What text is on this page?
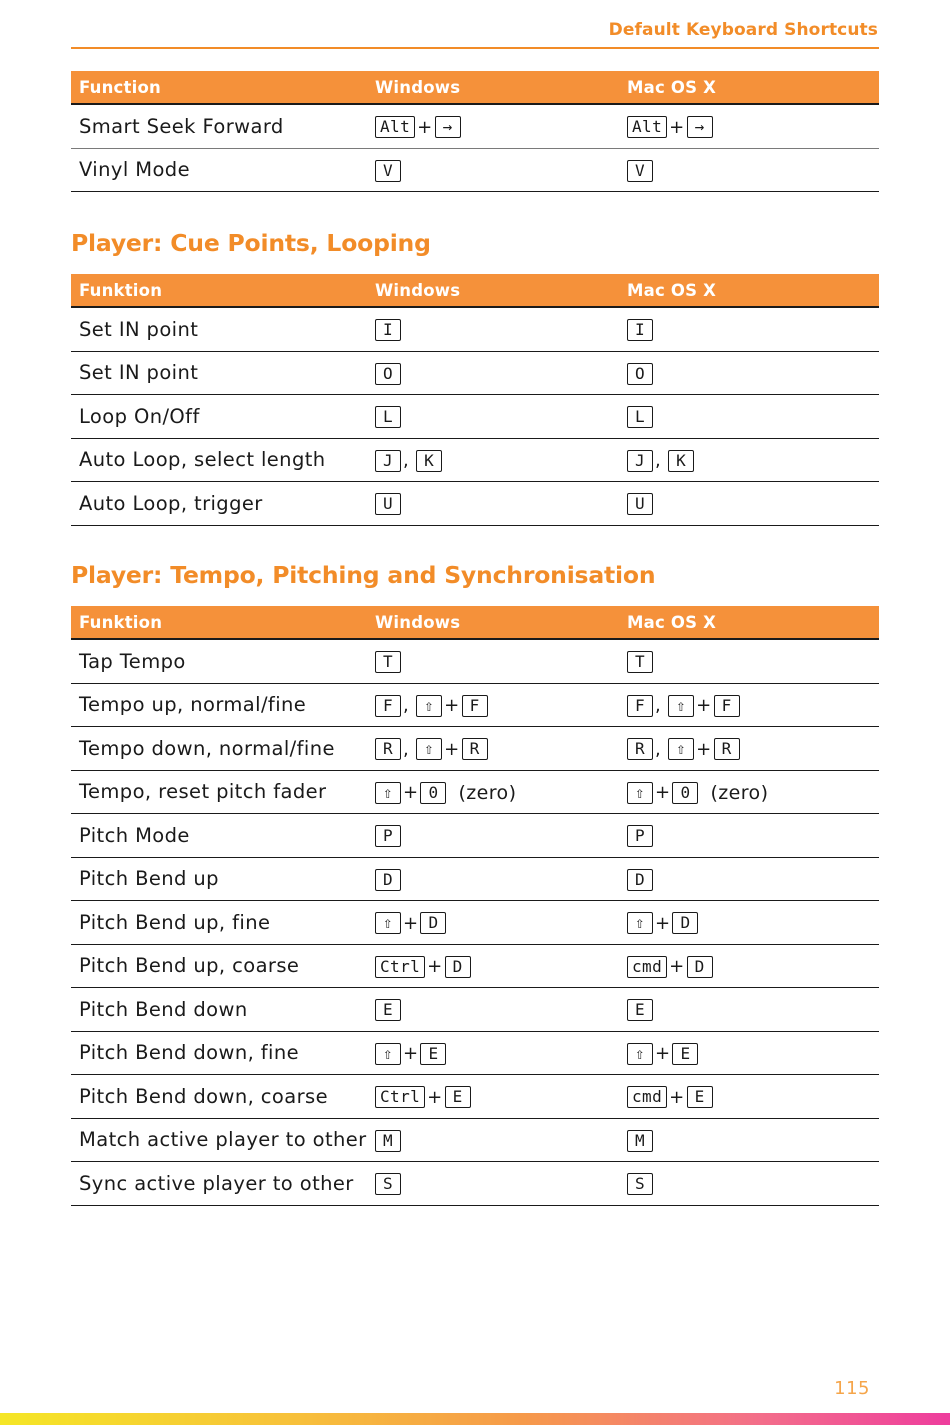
Default Keyboard Shortcuts
Function	Windows	Mac OS X
Smart Seek Forward	Alt + →	Alt + →

Vinyl Mode	V	V
Player: Cue Points, Looping
Funktion	Windows	Mac OS X
Set IN point	I	I

Set IN point	O	O

Loop On/Off	L	L

Auto Loop, select length	J , K	J , K

Auto Loop, trigger	U	U
Player: Tempo, Pitching and Synchronisation
Funktion	Windows	Mac OS X
Tap Tempo	T	T

Tempo up, normal/fine	F , ⇧ + F	F , ⇧ + F

Tempo down, normal/fine	R , ⇧ + R	R , ⇧ + R

Tempo, reset pitch fader	⇧ + 0 (zero)	⇧ + 0 (zero)

Pitch Mode	P	P

Pitch Bend up	D	D

Pitch Bend up, fine	⇧ + D	⇧ + D

Pitch Bend up, coarse	Ctrl + D	cmd + D

Pitch Bend down	E	E

Pitch Bend down, fine	⇧ + E	⇧ + E

Pitch Bend down, coarse	Ctrl + E	cmd + E

Match active player to other	M	M

Sync active player to other	S	S
115
